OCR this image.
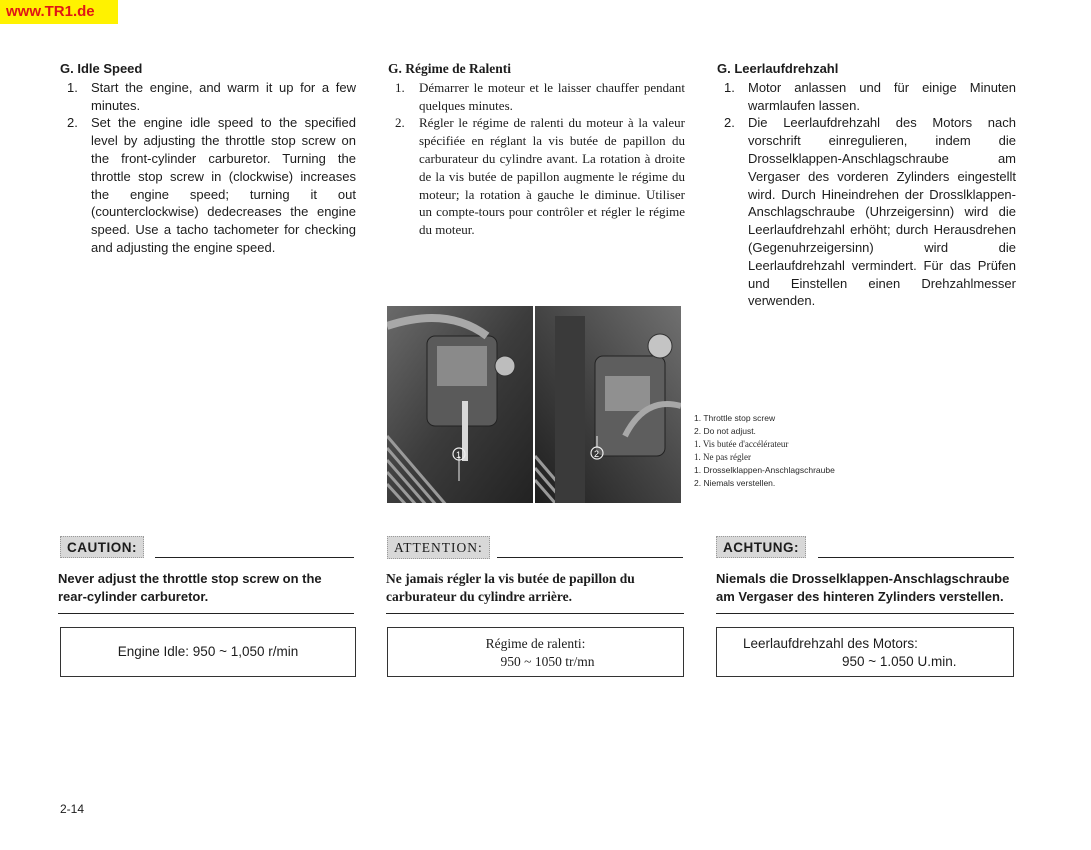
www.TR1.de
G. Idle Speed
1. Start the engine, and warm it up for a few minutes.
2. Set the engine idle speed to the specified level by adjusting the throttle stop screw on the front-cylinder carburetor. Turning the throttle stop screw in (clockwise) increases the engine speed; turning it out (counterclockwise) dedecreases the engine speed. Use a tacho tachometer for checking and adjusting the engine speed.
G. Régime de Ralenti
1. Démarrer le moteur et le laisser chauffer pendant quelques minutes.
2. Régler le régime de ralenti du moteur à la valeur spécifiée en réglant la vis butée de papillon du carburateur du cylindre avant. La rotation à droite de la vis butée de papillon augmente le régime du moteur; la rotation à gauche le diminue. Utiliser un compte-tours pour contrôler et régler le régime du moteur.
G. Leerlaufdrehzahl
1. Motor anlassen und für einige Minuten warmlaufen lassen.
2. Die Leerlaufdrehzahl des Motors nach vorschrift einregulieren, indem die Drosselklappen-Anschlagschraube am Vergaser des vorderen Zylinders eingestellt wird. Durch Hineindrehen der Drosslklappen-Anschlagschraube (Uhrzeigersinn) wird die Leerlaufdrehzahl erhöht; durch Herausdrehen (Gegenuhrzeigersinn) wird die Leerlaufdrehzahl vermindert. Für das Prüfen und Einstellen einen Drehzahlmesser verwenden.
1	2
1. Throttle stop screw
2. Do not adjust.
1. Vis butée d'accélérateur
1. Ne pas régler
1. Drosselklappen-Anschlagschraube
2. Niemals verstellen.
CAUTION:	ATTENTION:	ACHTUNG:
Never adjust the throttle stop screw on the rear-cylinder carburetor.
Ne jamais régler la vis butée de papillon du carburateur du cylindre arrière.
Niemals die Drosselklappen-Anschlagschraube am Vergaser des hinteren Zylinders verstellen.
Engine Idle: 950 ~ 1,050 r/min
Régime de ralenti:

950 ~ 1050 tr/mn
Leerlaufdrehzahl des Motors:
950 ~ 1.050 U.min.
2-14
